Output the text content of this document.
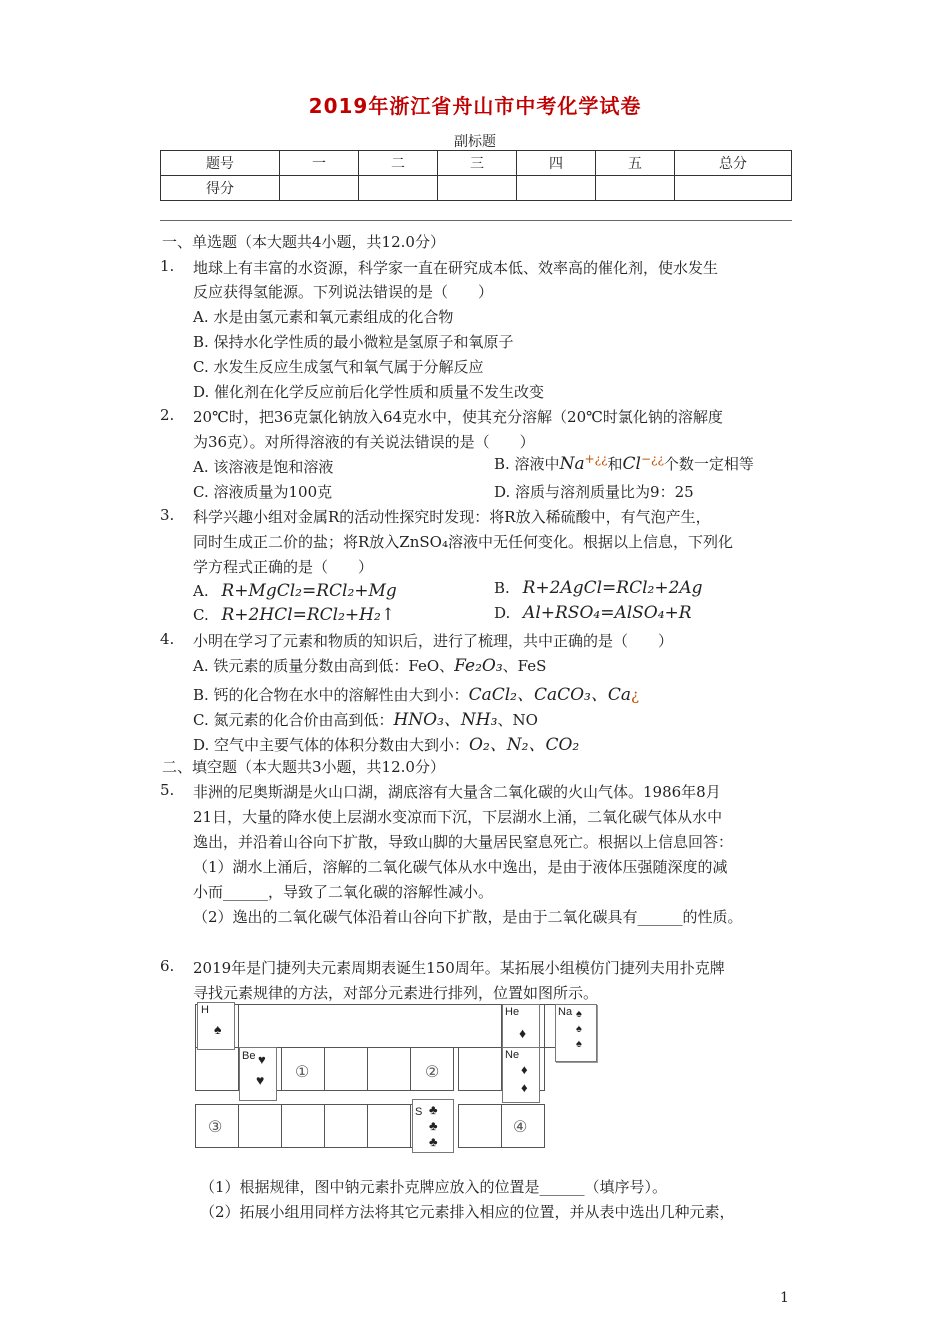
2019年浙江省舟山市中考化学试卷
副标题
题号	一	二	三	四	五	总分
得分						
一、单选题（本大题共4小题，共12.0分）
1. 地球上有丰富的水资源，科学家一直在研究成本低、效率高的催化剂，使水发生
反应获得氢能源。下列说法错误的是（　　）
A. 水是由氢元素和氧元素组成的化合物
B. 保持水化学性质的最小微粒是氢原子和氧原子
C. 水发生反应生成氢气和氧气属于分解反应
D. 催化剂在化学反应前后化学性质和质量不发生改变
2. 20℃时，把36克氯化钠放入64克水中，使其充分溶解（20℃时氯化钠的溶解度
为36克）。对所得溶液的有关说法错误的是（　　）
A. 该溶液是饱和溶液	B. 溶液中Na+¿¿和Cl−¿¿个数一定相等
C. 溶液质量为100克	D. 溶质与溶剂质量比为9：25
3. 科学兴趣小组对金属R的活动性探究时发现：将R放入稀硫酸中，有气泡产生，
同时生成正二价的盐；将R放入ZnSO₄溶液中无任何变化。根据以上信息，下列化
学方程式正确的是（　　）
A. R+MgCl₂=RCl₂+Mg	B. R+2AgCl=RCl₂+2Ag
C. R+2HCl=RCl₂+H₂↑	D. Al+RSO₄=AlSO₄+R
4. 小明在学习了元素和物质的知识后，进行了梳理，共中正确的是（　　）
A. 铁元素的质量分数由高到低：FeO、Fe₂O₃、FeS
B. 钙的化合物在水中的溶解性由大到小：CaCl₂、CaCO₃、Ca¿
C. 氮元素的化合价由高到低：HNO₃、NH₃、NO
D. 空气中主要气体的体积分数由大到小：O₂、N₂、CO₂
二、填空题（本大题共3小题，共12.0分）
5. 非洲的尼奥斯湖是火山口湖，湖底溶有大量含二氧化碳的火山气体。1986年8月
21日，大量的降水使上层湖水变凉而下沉，下层湖水上涌，二氧化碳气体从水中
逸出，并沿着山谷向下扩散，导致山脚的大量居民窒息死亡。根据以上信息回答：
（1）湖水上涌后，溶解的二氧化碳气体从水中逸出，是由于液体压强随深度的减
小而______，导致了二氧化碳的溶解性减小。
（2）逸出的二氧化碳气体沿着山谷向下扩散，是由于二氧化碳具有______的性质。
6. 2019年是门捷列夫元素周期表诞生150周年。某拓展小组模仿门捷列夫用扑克牌
寻找元素规律的方法，对部分元素进行排列，位置如图所示。
H
♠
Be ♥
♥ ①	②
③	④
He
♦
Na ♠
♠
♠
Ne
♦
♦
S ♣
♣
♣
（1）根据规律，图中钠元素扑克牌应放入的位置是______（填序号）。
（2）拓展小组用同样方法将其它元素排入相应的位置，并从表中选出几种元素，
1
